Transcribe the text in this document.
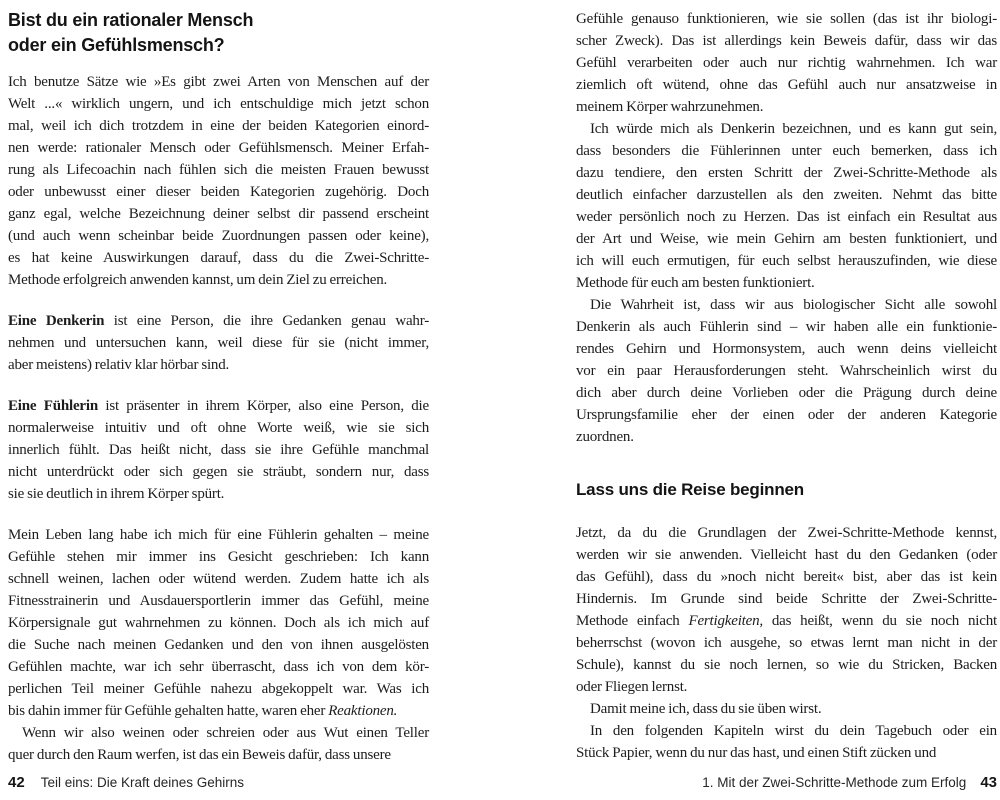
Bist du ein rationaler Mensch
oder ein Gefühlsmensch?
Ich benutze Sätze wie »Es gibt zwei Arten von Menschen auf der
Welt ...« wirklich ungern, und ich entschuldige mich jetzt schon
mal, weil ich dich trotzdem in eine der beiden Kategorien einord-
nen werde: rationaler Mensch oder Gefühlsmensch. Meiner Erfah-
rung als Lifecoachin nach fühlen sich die meisten Frauen bewusst
oder unbewusst einer dieser beiden Kategorien zugehörig. Doch
ganz egal, welche Bezeichnung deiner selbst dir passend erscheint
(und auch wenn scheinbar beide Zuordnungen passen oder keine),
es hat keine Auswirkungen darauf, dass du die Zwei-Schritte-
Methode erfolgreich anwenden kannst, um dein Ziel zu erreichen.
Eine Denkerin ist eine Person, die ihre Gedanken genau wahr-
nehmen und untersuchen kann, weil diese für sie (nicht immer,
aber meistens) relativ klar hörbar sind.
Eine Fühlerin ist präsenter in ihrem Körper, also eine Person, die
normalerweise intuitiv und oft ohne Worte weiß, wie sie sich
innerlich fühlt. Das heißt nicht, dass sie ihre Gefühle manchmal
nicht unterdrückt oder sich gegen sie sträubt, sondern nur, dass
sie sie deutlich in ihrem Körper spürt.
Mein Leben lang habe ich mich für eine Fühlerin gehalten – meine
Gefühle stehen mir immer ins Gesicht geschrieben: Ich kann
schnell weinen, lachen oder wütend werden. Zudem hatte ich als
Fitnesstrainerin und Ausdauersportlerin immer das Gefühl, meine
Körpersignale gut wahrnehmen zu können. Doch als ich mich auf
die Suche nach meinen Gedanken und den von ihnen ausgelösten
Gefühlen machte, war ich sehr überrascht, dass ich von dem kör-
perlichen Teil meiner Gefühle nahezu abgekoppelt war. Was ich
bis dahin immer für Gefühle gehalten hatte, waren eher Reaktionen.
Wenn wir also weinen oder schreien oder aus Wut einen Teller
quer durch den Raum werfen, ist das ein Beweis dafür, dass unsere
42 Teil eins: Die Kraft deines Gehirns
Gefühle genauso funktionieren, wie sie sollen (das ist ihr biologi-
scher Zweck). Das ist allerdings kein Beweis dafür, dass wir das
Gefühl verarbeiten oder auch nur richtig wahrnehmen. Ich war
ziemlich oft wütend, ohne das Gefühl auch nur ansatzweise in
meinem Körper wahrzunehmen.
Ich würde mich als Denkerin bezeichnen, und es kann gut sein,
dass besonders die Fühlerinnen unter euch bemerken, dass ich
dazu tendiere, den ersten Schritt der Zwei-Schritte-Methode als
deutlich einfacher darzustellen als den zweiten. Nehmt das bitte
weder persönlich noch zu Herzen. Das ist einfach ein Resultat aus
der Art und Weise, wie mein Gehirn am besten funktioniert, und
ich will euch ermutigen, für euch selbst herauszufinden, wie diese
Methode für euch am besten funktioniert.
Die Wahrheit ist, dass wir aus biologischer Sicht alle sowohl
Denkerin als auch Fühlerin sind – wir haben alle ein funktionie-
rendes Gehirn und Hormonsystem, auch wenn deins vielleicht
vor ein paar Herausforderungen steht. Wahrscheinlich wirst du
dich aber durch deine Vorlieben oder die Prägung durch deine
Ursprungsfamilie eher der einen oder der anderen Kategorie
zuordnen.
Lass uns die Reise beginnen
Jetzt, da du die Grundlagen der Zwei-Schritte-Methode kennst,
werden wir sie anwenden. Vielleicht hast du den Gedanken (oder
das Gefühl), dass du »noch nicht bereit« bist, aber das ist kein
Hindernis. Im Grunde sind beide Schritte der Zwei-Schritte-
Methode einfach Fertigkeiten, das heißt, wenn du sie noch nicht
beherrschst (wovon ich ausgehe, so etwas lernt man nicht in der
Schule), kannst du sie noch lernen, so wie du Stricken, Backen
oder Fliegen lernst.
Damit meine ich, dass du sie üben wirst.
In den folgenden Kapiteln wirst du dein Tagebuch oder ein
Stück Papier, wenn du nur das hast, und einen Stift zücken und
1. Mit der Zwei-Schritte-Methode zum Erfolg 43
